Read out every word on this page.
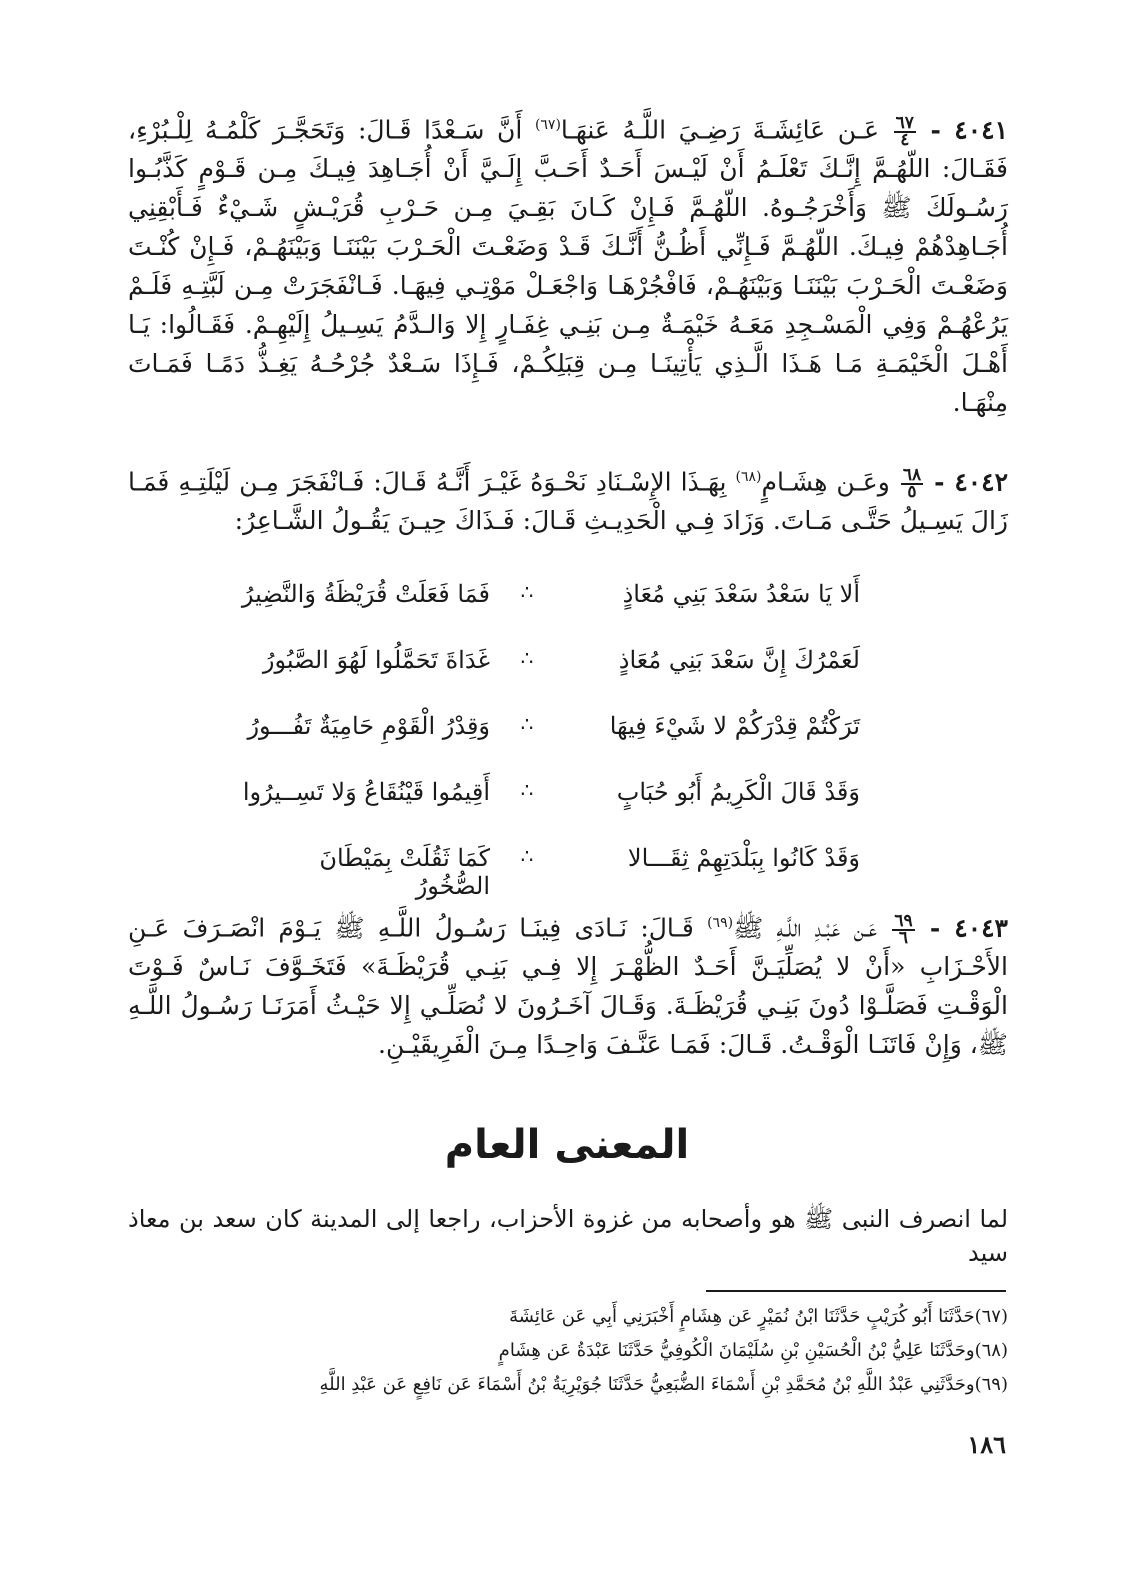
٤٠٤١ -
$\frac{٦٧}{٤}$
عَـن عَائِشَـةَ رَضِـيَ اللَّـهُ عَنهَـا$^{(٦٧)}$ أَنَّ سَـعْدًا قَـالَ: وَتَحَجَّـرَ كَلْمُـهُ لِلْـبُرْءِ، فَقَـالَ: اللّهُـمَّ إِنَّـكَ تَعْلَـمُ أَنْ لَيْـسَ أَحَـدٌ أَحَـبَّ إِلَـيَّ أَنْ أُجَـاهِدَ فِيـكَ مِـن قَـوْمٍ كَذَّبُـوا رَسُـولَكَ ﷺ وَأَخْرَجُـوهُ. اللّهُـمَّ فَـإِنْ كَـانَ بَقِـيَ مِـن حَـرْبِ قُرَيْـشٍ شَـيْءٌ فَـأَبْقِنِي أُجَـاهِدْهُمْ فِيـكَ. اللّهُـمَّ فَـإِنِّي أَظُـنُّ أَنَّـكَ قَـدْ وَضَعْـتَ الْحَـرْبَ بَيْنَنَـا وَبَيْنَهُـمْ، فَـإِنْ كُنْـتَ وَضَعْـتَ الْحَـرْبَ بَيْنَنَـا وَبَيْنَهُـمْ، فَافْجُرْهَـا وَاجْعَـلْ مَوْتِـي فِيهَـا. فَـانْفَجَرَتْ مِـن لَبَّتِـهِ فَلَـمْ يَرُعْهُـمْ وَفِي الْمَسْـجِدِ مَعَـهُ خَيْمَـةٌ مِـن بَنِـي غِفَـارٍ إِلا وَالـدَّمُ يَسِـيلُ إِلَيْهِـمْ. فَقَـالُوا: يَـا أَهْـلَ الْخَيْمَـةِ مَـا هَـذَا الَّـذِي يَأْتِينَـا مِـن قِبَلِكُـمْ، فَـإِذَا سَـعْدٌ جُرْحُـهُ يَغِـذُّ دَمًـا فَمَـاتَ مِنْهَـا.

٤٠٤٢ -
$\frac{٦٨}{٥}$
وعَـن هِشَـامٍ$^{(٦٨)}$ بِهَـذَا الإِسْـنَادِ نَحْـوَهُ غَيْـرَ أَنَّـهُ قَـالَ: فَـانْفَجَرَ مِـن لَيْلَتِـهِ فَمَـا زَالَ يَسِـيلُ حَتَّـى مَـاتَ. وَزَادَ فِـي الْحَدِيـثِ قَـالَ: فَـذَاكَ حِيـنَ يَقُـولُ الشَّـاعِرُ:

أَلا يَا سَعْدُ سَعْدَ بَنِي مُعَاذٍ
∴
فَمَا فَعَلَتْ قُرَيْظَةُ وَالنَّضِيرُ
لَعَمْرُكَ إِنَّ سَعْدَ بَنِي مُعَاذٍ
∴
غَدَاةَ تَحَمَّلُوا لَهُوَ الصَّبُورُ
تَرَكْتُمْ قِدْرَكُمْ لا شَيْءَ فِيهَا
∴
وَقِدْرُ الْقَوْمِ حَامِيَةٌ تَفُـــورُ
وَقَدْ قَالَ الْكَرِيمُ أَبُو حُبَابٍ
∴
أَقِيمُوا قَيْنُقَاعُ وَلا تَسِــيرُوا
وَقَدْ كَانُوا بِبَلْدَتِهِمْ ثِقَـــالا
∴
كَمَا ثَقُلَتْ بِمَيْطَانَ الصُّخُورُ

٤٠٤٣ -
$\frac{٦٩}{٦}$
عَـن عَبْـدِ اللَّـهِ ﷺ$^{(٦٩)}$ قَـالَ: نَـادَى فِينَـا رَسُـولُ اللَّـهِ ﷺ يَـوْمَ انْصَـرَفَ عَـنِ الأَحْـزَابِ «أَنْ لا يُصَلِّيَـنَّ أَحَـدٌ الظُّهْـرَ إِلا فِـي بَنِـي قُرَيْظَـةَ» فَتَخَـوَّفَ نَـاسٌ فَـوْتَ الْوَقْـتِ فَصَلَّـوْا دُونَ بَنِـي قُرَيْظَـةَ. وَقَـالَ آخَـرُونَ لا نُصَلِّـي إِلا حَيْـثُ أَمَرَنَـا رَسُـولُ اللَّـهِ ﷺ، وَإِنْ فَاتَنَـا الْوَقْـتُ. قَـالَ: فَمَـا عَنَّـفَ وَاحِـدًا مِـنَ الْفَرِيقَيْـنِ.

المعنى العام

لما انصرف النبى ﷺ هو وأصحابه من غزوة الأحزاب، راجعا إلى المدينة كان سعد بن معاذ سيد

(٦٧)حَدَّثَنَا أَبُو كُرَيْبٍ حَدَّثَنَا ابْنُ نُمَيْرٍ عَن هِشَامٍ أَخْبَرَنِي أَبِي عَن عَائِشَةَ
(٦٨)وحَدَّثَنَا عَلِيُّ بْنُ الْحُسَيْنِ بْنِ سُلَيْمَانَ الْكُوفِيُّ حَدَّثَنَا عَبْدَةُ عَن هِشَامٍ
(٦٩)وحَدَّثَنِي عَبْدُ اللَّهِ بْنُ مُحَمَّدِ بْنِ أَسْمَاءَ الضُّبَعِيُّ حَدَّثَنَا جُوَيْرِيَةُ بْنُ أَسْمَاءَ عَن نَافِعٍ عَن عَبْدِ اللَّهِ

١٨٦
